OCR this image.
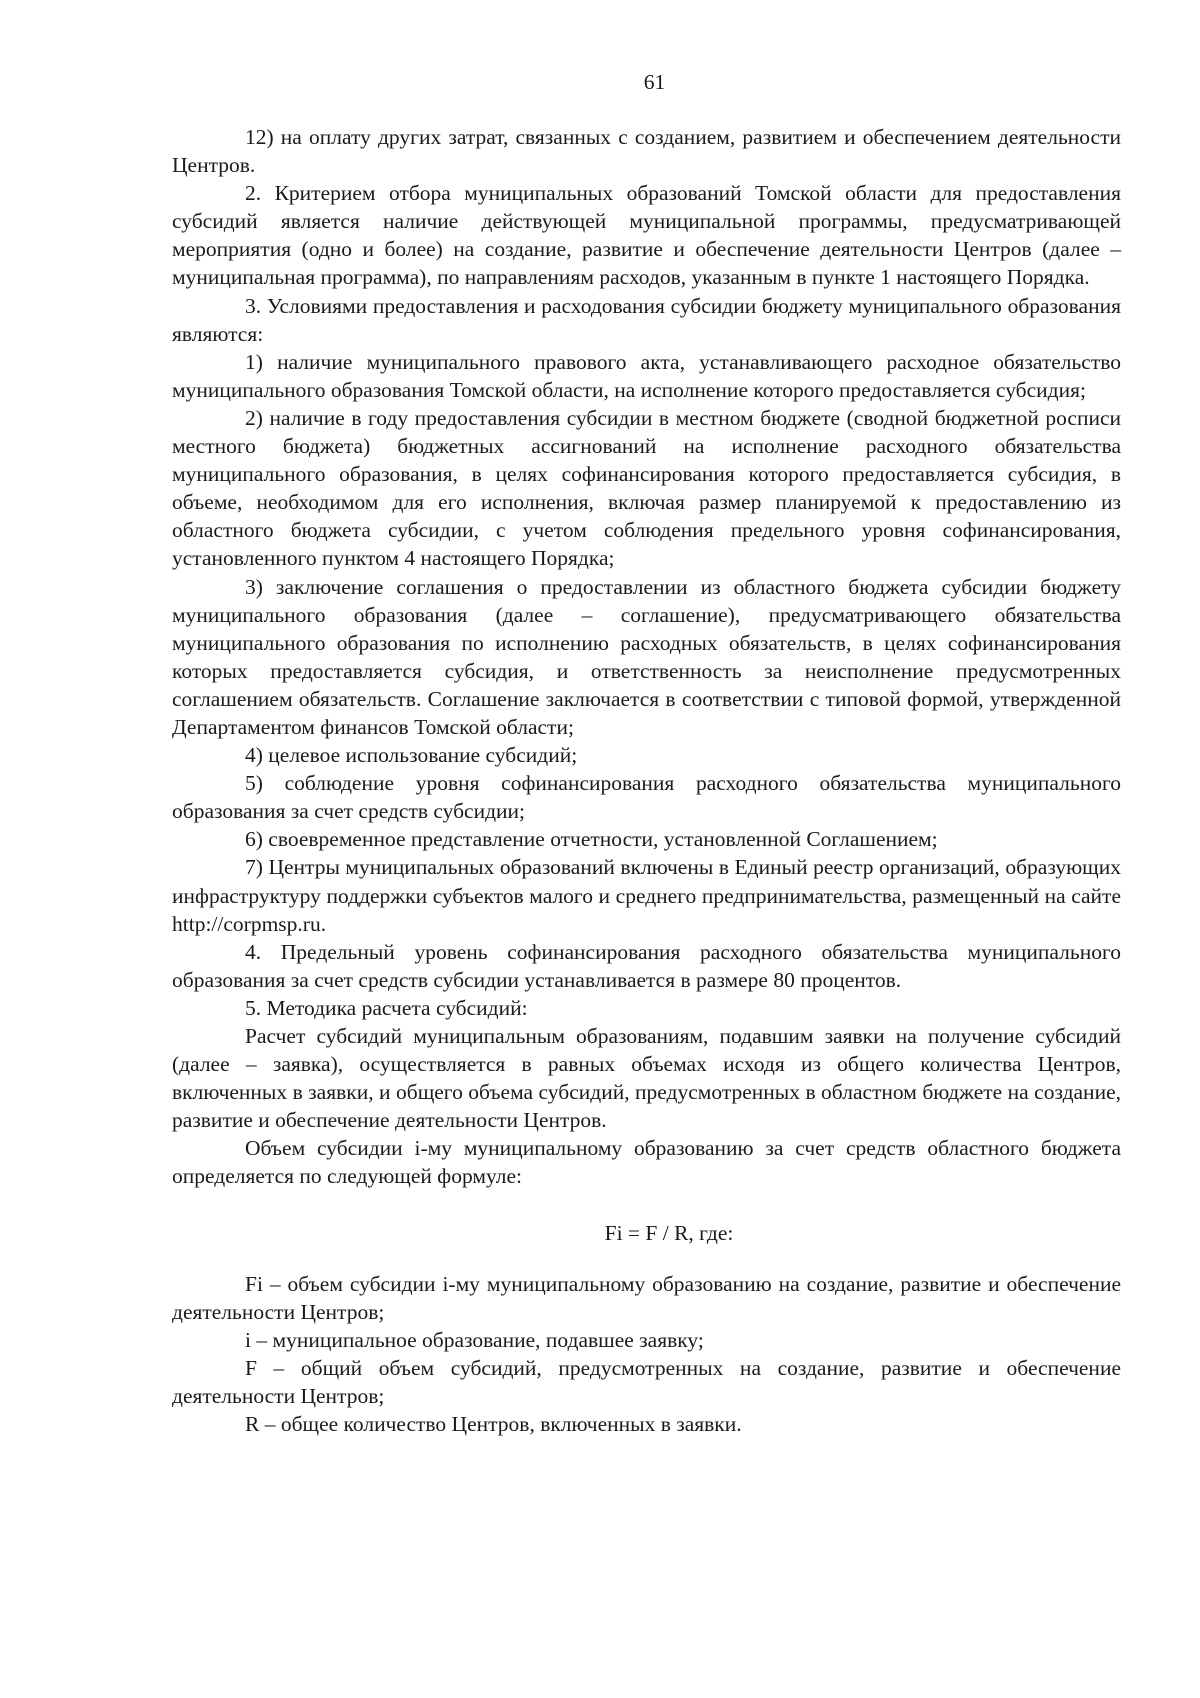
61

12) на оплату других затрат, связанных с созданием, развитием и обеспечением деятельности Центров.

2. Критерием отбора муниципальных образований Томской области для предоставления субсидий является наличие действующей муниципальной программы, предусматривающей мероприятия (одно и более) на создание, развитие и обеспечение деятельности Центров (далее – муниципальная программа), по направлениям расходов, указанным в пункте 1 настоящего Порядка.

3. Условиями предоставления и расходования субсидии бюджету муниципального образования являются:

1) наличие муниципального правового акта, устанавливающего расходное обязательство муниципального образования Томской области, на исполнение которого предоставляется субсидия;

2) наличие в году предоставления субсидии в местном бюджете (сводной бюджетной росписи местного бюджета) бюджетных ассигнований на исполнение расходного обязательства муниципального образования, в целях софинансирования которого предоставляется субсидия, в объеме, необходимом для его исполнения, включая размер планируемой к предоставлению из областного бюджета субсидии, с учетом соблюдения предельного уровня софинансирования, установленного пунктом 4 настоящего Порядка;

3) заключение соглашения о предоставлении из областного бюджета субсидии бюджету муниципального образования (далее – соглашение), предусматривающего обязательства муниципального образования по исполнению расходных обязательств, в целях софинансирования которых предоставляется субсидия, и ответственность за неисполнение предусмотренных соглашением обязательств. Соглашение заключается в соответствии с типовой формой, утвержденной Департаментом финансов Томской области;

4) целевое использование субсидий;

5) соблюдение уровня софинансирования расходного обязательства муниципального образования за счет средств субсидии;

6) своевременное представление отчетности, установленной Соглашением;

7) Центры муниципальных образований включены в Единый реестр организаций, образующих инфраструктуру поддержки субъектов малого и среднего предпринимательства, размещенный на сайте http://corpmsp.ru.

4. Предельный уровень софинансирования расходного обязательства муниципального образования за счет средств субсидии устанавливается в размере 80 процентов.

5. Методика расчета субсидий:

Расчет субсидий муниципальным образованиям, подавшим заявки на получение субсидий (далее – заявка), осуществляется в равных объемах исходя из общего количества Центров, включенных в заявки, и общего объема субсидий, предусмотренных в областном бюджете на создание, развитие и обеспечение деятельности Центров.

Объем субсидии i-му муниципальному образованию за счет средств областного бюджета определяется по следующей формуле:

Fi = F / R, где:

Fi – объем субсидии i-му муниципальному образованию на создание, развитие и обеспечение деятельности Центров;

i – муниципальное образование, подавшее заявку;

F – общий объем субсидий, предусмотренных на создание, развитие и обеспечение деятельности Центров;

R – общее количество Центров, включенных в заявки.
